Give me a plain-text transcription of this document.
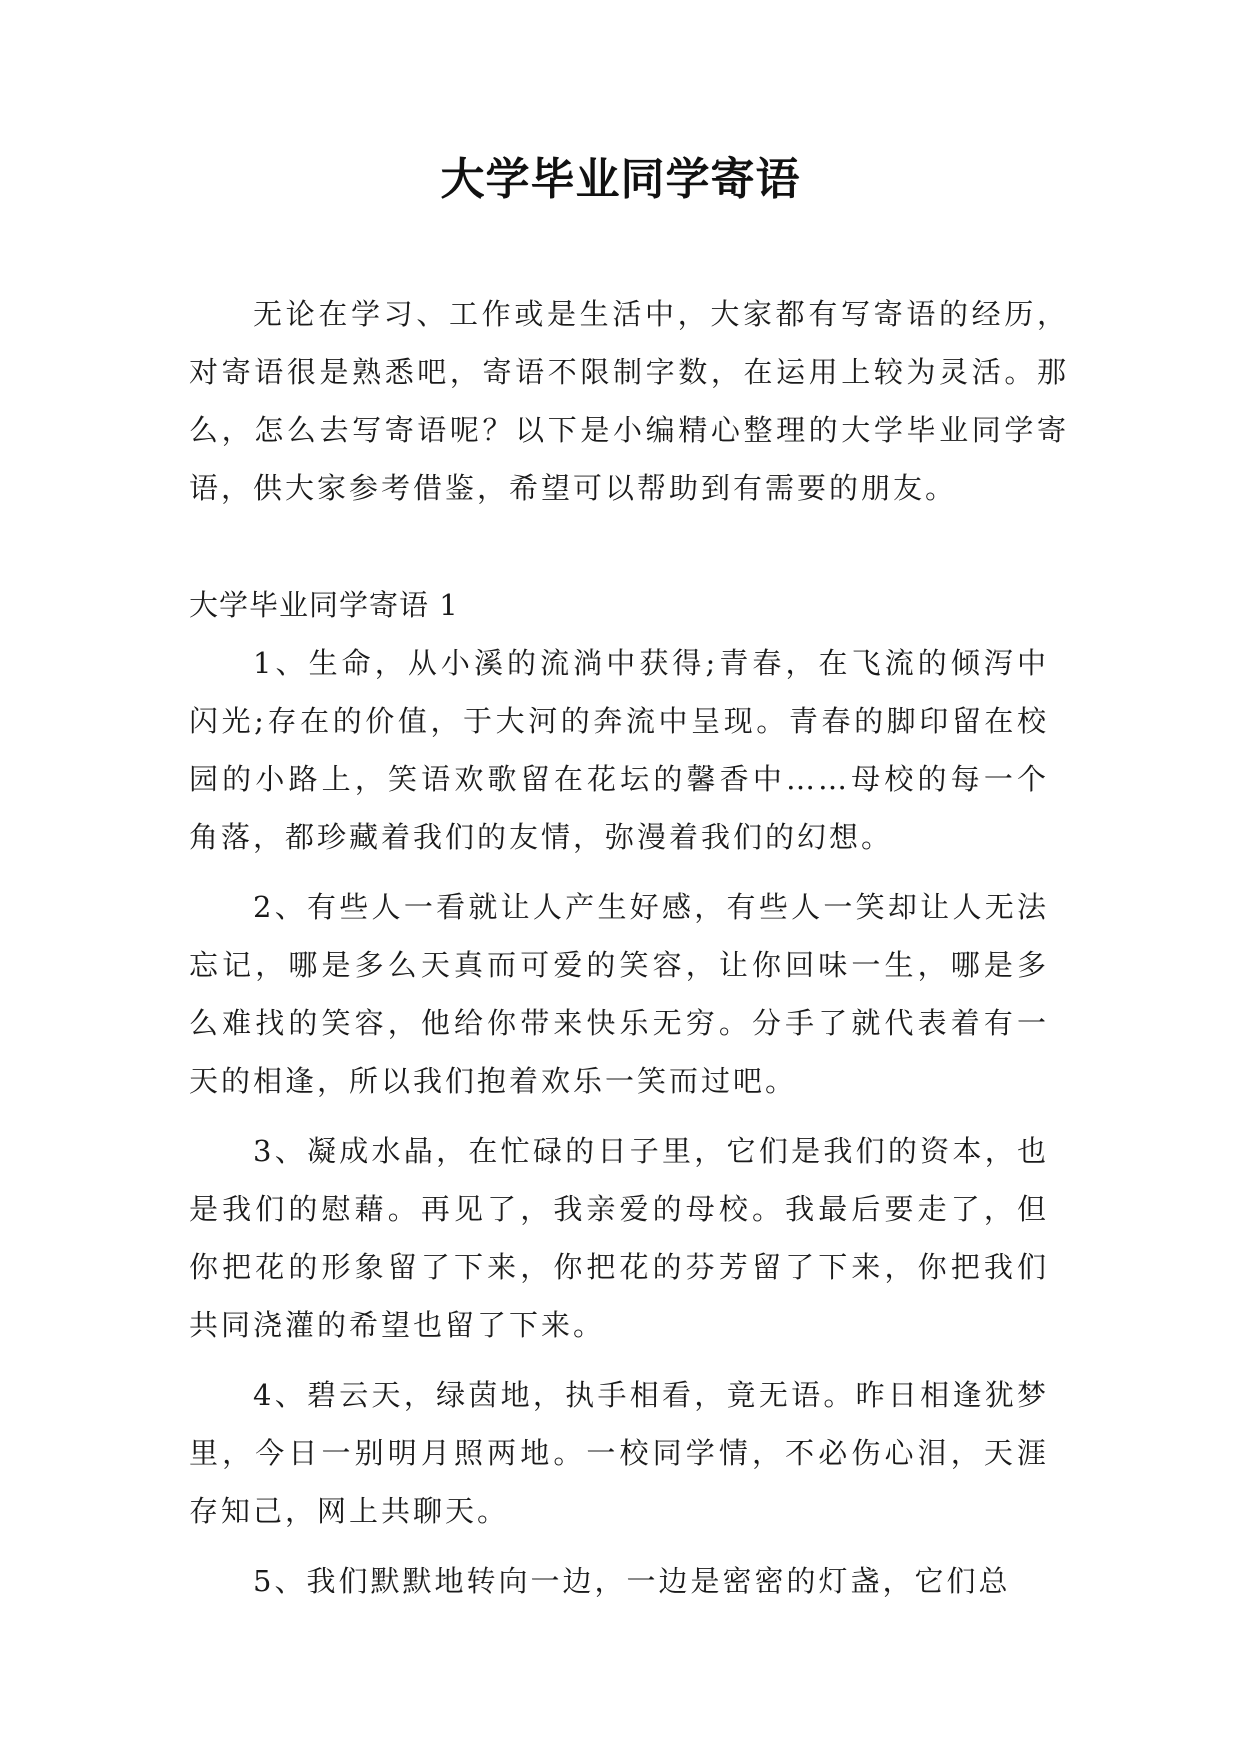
大学毕业同学寄语

无论在学习、工作或是生活中，大家都有写寄语的经历，对寄语很是熟悉吧，寄语不限制字数，在运用上较为灵活。那么，怎么去写寄语呢？以下是小编精心整理的大学毕业同学寄语，供大家参考借鉴，希望可以帮助到有需要的朋友。

大学毕业同学寄语 1

1、生命，从小溪的流淌中获得;青春，在飞流的倾泻中闪光;存在的价值，于大河的奔流中呈现。青春的脚印留在校园的小路上，笑语欢歌留在花坛的馨香中……母校的每一个角落，都珍藏着我们的友情，弥漫着我们的幻想。
2、有些人一看就让人产生好感，有些人一笑却让人无法忘记，哪是多么天真而可爱的笑容，让你回味一生，哪是多么难找的笑容，他给你带来快乐无穷。分手了就代表着有一天的相逢，所以我们抱着欢乐一笑而过吧。
3、凝成水晶，在忙碌的日子里，它们是我们的资本，也是我们的慰藉。再见了，我亲爱的母校。我最后要走了，但你把花的形象留了下来，你把花的芬芳留了下来，你把我们共同浇灌的希望也留了下来。
4、碧云天，绿茵地，执手相看，竟无语。昨日相逢犹梦里，今日一别明月照两地。一校同学情，不必伤心泪，天涯存知己，网上共聊天。
5、我们默默地转向一边，一边是密密的灯盏，它们总
